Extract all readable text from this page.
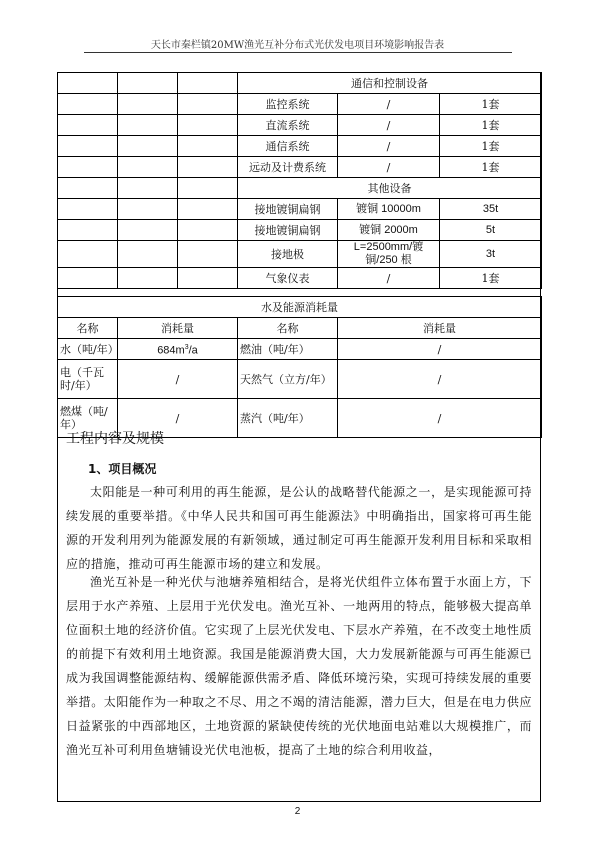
天长市秦栏镇20MW渔光互补分布式光伏发电项目环境影响报告表
			通信和控制设备		
			监控系统	/	1套
			直流系统	/	1套
			通信系统	/	1套
			远动及计费系统	/	1套
			其他设备		
			接地镀铜扁钢	镀铜 10000m	35t
			接地镀铜扁钢	镀铜 2000m	5t
			接地极	L=2500mm/镀铜/250 根	3t
			气象仪表	/	1套
水及能源消耗量			
名称	消耗量	名称	消耗量
水（吨/年）	$684m^3/a$	燃油（吨/年）	/
电（千瓦时/年）	/	天然气（立方/年）	/
燃煤（吨/年）	/	蒸汽（吨/年）	/
工程内容及规模
1、项目概况

太阳能是一种可利用的再生能源，是公认的战略替代能源之一，是实现能源可持续发展的重要举措。《中华人民共和国可再生能源法》中明确指出，国家将可再生能源的开发利用列为能源发展的有新领域，通过制定可再生能源开发利用目标和采取相应的措施，推动可再生能源市场的建立和发展。

渔光互补是一种光伏与池塘养殖相结合，是将光伏组件立体布置于水面上方，下层用于水产养殖、上层用于光伏发电。渔光互补、一地两用的特点，能够极大提高单位面积土地的经济价值。它实现了上层光伏发电、下层水产养殖，在不改变土地性质的前提下有效利用土地资源。我国是能源消费大国，大力发展新能源与可再生能源已成为我国调整能源结构、缓解能源供需矛盾、降低环境污染，实现可持续发展的重要举措。太阳能作为一种取之不尽、用之不竭的清洁能源，潜力巨大，但是在电力供应日益紧张的中西部地区，土地资源的紧缺使传统的光伏地面电站难以大规模推广，而渔光互补可利用鱼塘铺设光伏电池板，提高了土地的综合利用收益，

2
